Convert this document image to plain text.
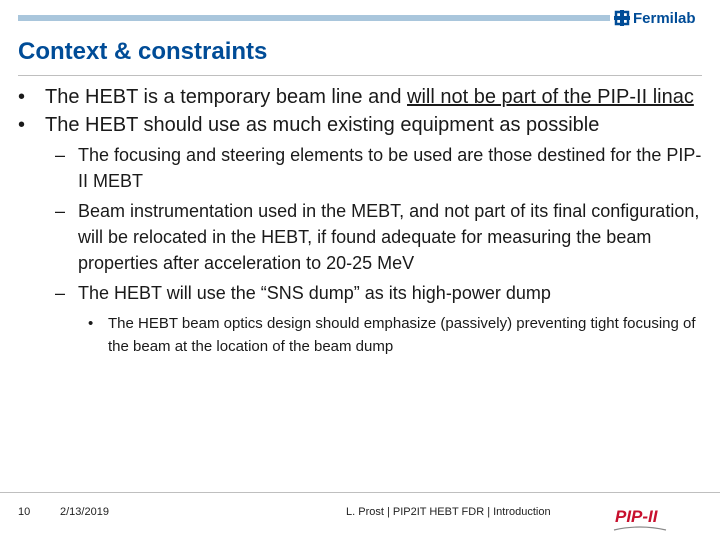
Fermilab
Context & constraints
• The HEBT is a temporary beam line and will not be part of the PIP-II linac
• The HEBT should use as much existing equipment as possible
– The focusing and steering elements to be used are those destined for the PIP-II MEBT
– Beam instrumentation used in the MEBT, and not part of its final configuration, will be relocated in the HEBT, if found adequate for measuring the beam properties after acceleration to 20‑25 MeV
– The HEBT will use the “SNS dump” as its high-power dump
• The HEBT beam optics design should emphasize (passively) preventing tight focusing of the beam at the location of the beam dump
10	2/13/2019	L. Prost | PIP2IT HEBT FDR | Introduction	PIP-II
